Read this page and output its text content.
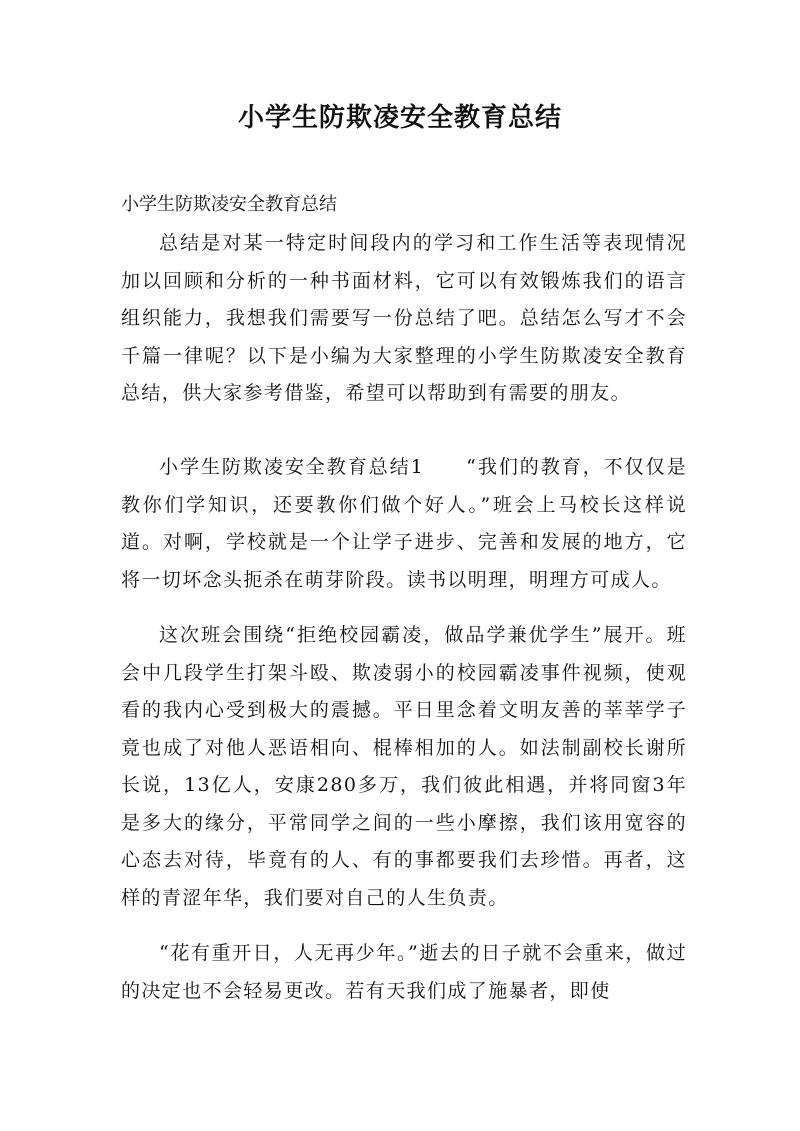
小学生防欺凌安全教育总结
小学生防欺凌安全教育总结

总结是对某一特定时间段内的学习和工作生活等表现情况加以回顾和分析的一种书面材料，它可以有效锻炼我们的语言组织能力，我想我们需要写一份总结了吧。总结怎么写才不会千篇一律呢？以下是小编为大家整理的小学生防欺凌安全教育总结，供大家参考借鉴，希望可以帮助到有需要的朋友。

小学生防欺凌安全教育总结1 “我们的教育，不仅仅是教你们学知识，还要教你们做个好人。”班会上马校长这样说道。对啊，学校就是一个让学子进步、完善和发展的地方，它将一切坏念头扼杀在萌芽阶段。读书以明理，明理方可成人。

这次班会围绕“拒绝校园霸凌，做品学兼优学生”展开。班会中几段学生打架斗殴、欺凌弱小的校园霸凌事件视频，使观看的我内心受到极大的震撼。平日里念着文明友善的莘莘学子竟也成了对他人恶语相向、棍棒相加的人。如法制副校长谢所长说，13亿人，安康280多万，我们彼此相遇，并将同窗3年是多大的缘分，平常同学之间的一些小摩擦，我们该用宽容的心态去对待，毕竟有的人、有的事都要我们去珍惜。再者，这样的青涩年华，我们要对自己的人生负责。

“花有重开日，人无再少年。”逝去的日子就不会重来，做过的决定也不会轻易更改。若有天我们成了施暴者，即使
